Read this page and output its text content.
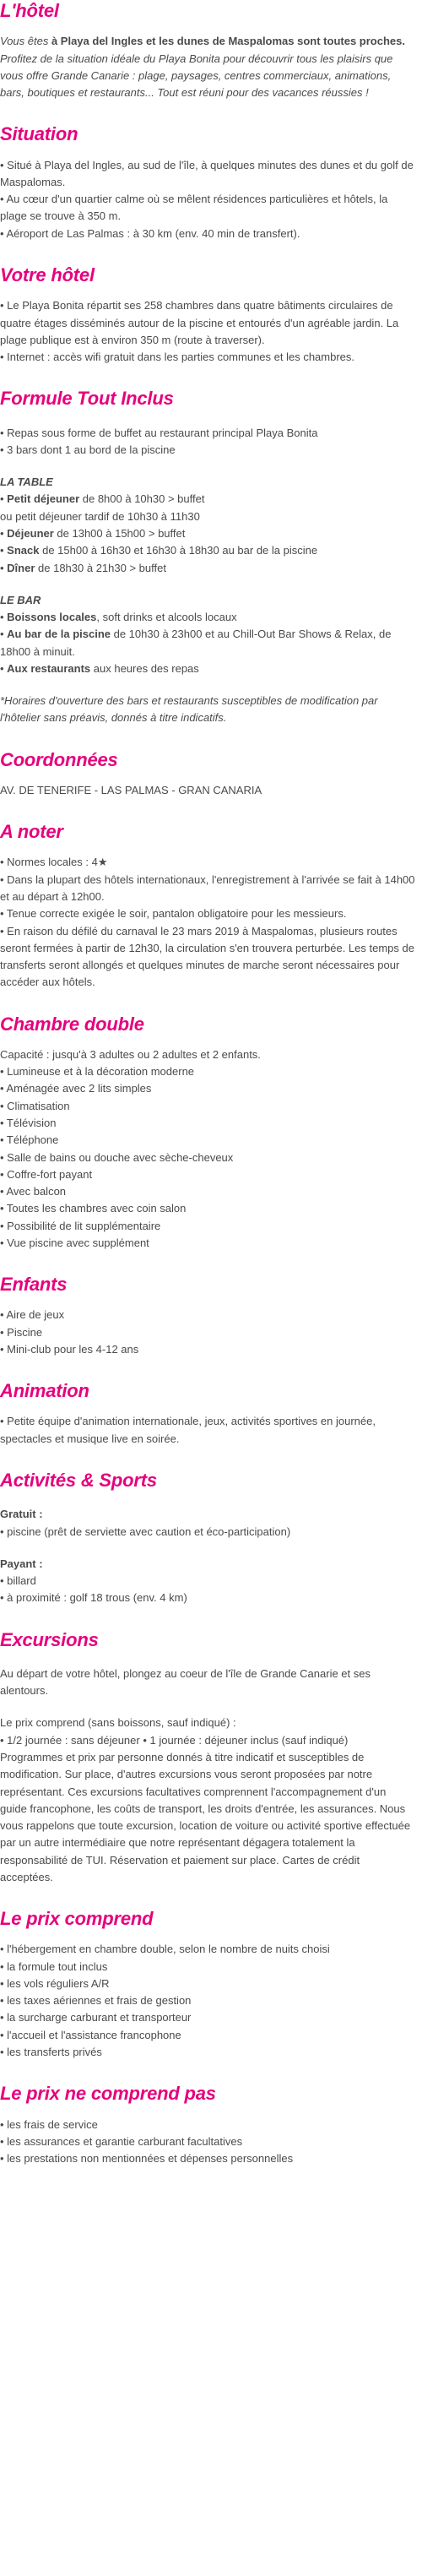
L'hôtel

Vous êtes à Playa del Ingles et les dunes de Maspalomas sont toutes proches. Profitez de la situation idéale du Playa Bonita pour découvrir tous les plaisirs que vous offre Grande Canarie : plage, paysages, centres commerciaux, animations, bars, boutiques et restaurants... Tout est réuni pour des vacances réussies !

Situation

• Situé à Playa del Ingles, au sud de l'île, à quelques minutes des dunes et du golf de Maspalomas.

• Au cœur d'un quartier calme où se mêlent résidences particulières et hôtels, la plage se trouve à 350 m.

• Aéroport de Las Palmas : à 30 km (env. 40 min de transfert).

Votre hôtel

• Le Playa Bonita répartit ses 258 chambres dans quatre bâtiments circulaires de quatre étages disséminés autour de la piscine et entourés d'un agréable jardin. La plage publique est à environ 350 m (route à traverser).

• Internet : accès wifi gratuit dans les parties communes et les chambres.

Formule Tout Inclus

• Repas sous forme de buffet au restaurant principal Playa Bonita

• 3 bars dont 1 au bord de la piscine

LA TABLE

• Petit déjeuner de 8h00 à 10h30 > buffet

ou petit déjeuner tardif de 10h30 à 11h30

• Déjeuner de 13h00 à 15h00 > buffet

• Snack de 15h00 à 16h30 et 16h30 à 18h30 au bar de la piscine

• Dîner de 18h30 à 21h30 > buffet

LE BAR

• Boissons locales, soft drinks et alcools locaux

• Au bar de la piscine de 10h30 à 23h00 et au Chill-Out Bar Shows & Relax, de 18h00 à minuit.

• Aux restaurants aux heures des repas

*Horaires d'ouverture des bars et restaurants susceptibles de modification par l'hôtelier sans préavis, donnés à titre indicatifs.

Coordonnées

AV. DE TENERIFE - LAS PALMAS - GRAN CANARIA

A noter

• Normes locales : 4★

• Dans la plupart des hôtels internationaux, l'enregistrement à l'arrivée se fait à 14h00 et au départ à 12h00.

• Tenue correcte exigée le soir, pantalon obligatoire pour les messieurs.

• En raison du défilé du carnaval le 23 mars 2019 à Maspalomas, plusieurs routes seront fermées à partir de 12h30, la circulation s'en trouvera perturbée. Les temps de transferts seront allongés et quelques minutes de marche seront nécessaires pour accéder aux hôtels.

Chambre double

Capacité : jusqu'à 3 adultes ou 2 adultes et 2 enfants.

• Lumineuse et à la décoration moderne

• Aménagée avec 2 lits simples

• Climatisation

• Télévision

• Téléphone

• Salle de bains ou douche avec sèche-cheveux

• Coffre-fort payant

• Avec balcon

• Toutes les chambres avec coin salon

• Possibilité de lit supplémentaire

• Vue piscine avec supplément

Enfants

• Aire de jeux

• Piscine

• Mini-club pour les 4-12 ans

Animation

• Petite équipe d'animation internationale, jeux, activités sportives en journée, spectacles et musique live en soirée.

Activités & Sports

Gratuit :

• piscine (prêt de serviette avec caution et éco-participation)

Payant :

• billard

• à proximité : golf 18 trous (env. 4 km)

Excursions

Au départ de votre hôtel, plongez au coeur de l'île de Grande Canarie et ses alentours.

Le prix comprend (sans boissons, sauf indiqué) :

• 1/2 journée : sans déjeuner • 1 journée : déjeuner inclus (sauf indiqué)

Programmes et prix par personne donnés à titre indicatif et susceptibles de modification. Sur place, d'autres excursions vous seront proposées par notre représentant. Ces excursions facultatives comprennent l'accompagnement d'un guide francophone, les coûts de transport, les droits d'entrée, les assurances. Nous vous rappelons que toute excursion, location de voiture ou activité sportive effectuée par un autre intermédiaire que notre représentant dégagera totalement la responsabilité de TUI. Réservation et paiement sur place. Cartes de crédit acceptées.

Le prix comprend

• l'hébergement en chambre double, selon le nombre de nuits choisi

• la formule tout inclus

• les vols réguliers A/R

• les taxes aériennes et frais de gestion

• la surcharge carburant et transporteur

• l'accueil et l'assistance francophone

• les transferts privés

Le prix ne comprend pas

• les frais de service

• les assurances et garantie carburant facultatives

• les prestations non mentionnées et dépenses personnelles
